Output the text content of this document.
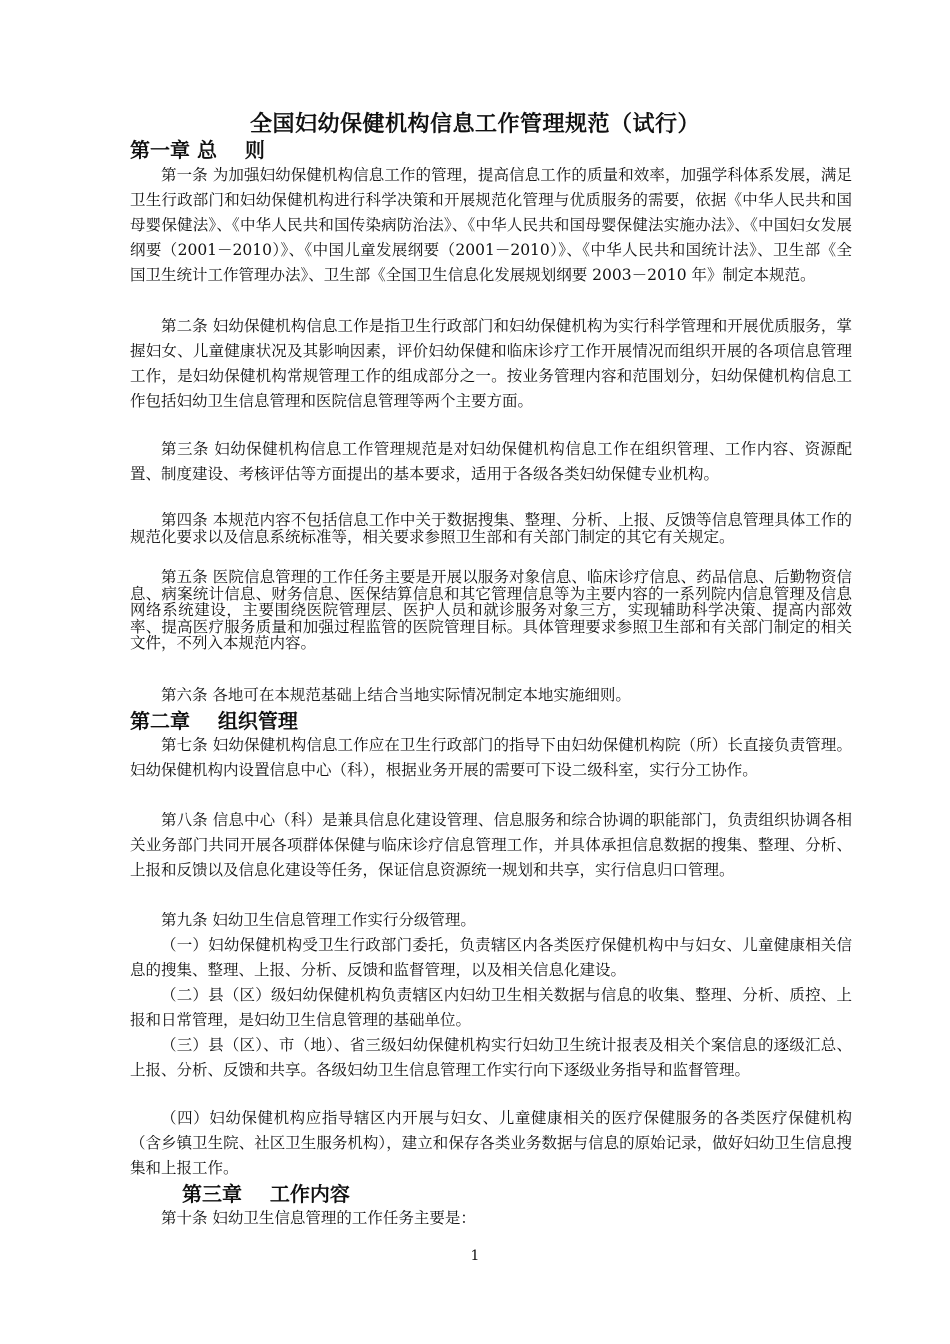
全国妇幼保健机构信息工作管理规范（试行）
第一章 总    则

第一条 为加强妇幼保健机构信息工作的管理，提高信息工作的质量和效率，加强学科体系发展，满足卫生行政部门和妇幼保健机构进行科学决策和开展规范化管理与优质服务的需要，依据《中华人民共和国母婴保健法》、《中华人民共和国传染病防治法》、《中华人民共和国母婴保健法实施办法》、《中国妇女发展纲要（2001－2010）》、《中国儿童发展纲要（2001－2010）》、《中华人民共和国统计法》、卫生部《全国卫生统计工作管理办法》、卫生部《全国卫生信息化发展规划纲要 2003－2010 年》制定本规范。

第二条 妇幼保健机构信息工作是指卫生行政部门和妇幼保健机构为实行科学管理和开展优质服务，掌握妇女、儿童健康状况及其影响因素，评价妇幼保健和临床诊疗工作开展情况而组织开展的各项信息管理工作，是妇幼保健机构常规管理工作的组成部分之一。按业务管理内容和范围划分，妇幼保健机构信息工作包括妇幼卫生信息管理和医院信息管理等两个主要方面。

第三条 妇幼保健机构信息工作管理规范是对妇幼保健机构信息工作在组织管理、工作内容、资源配置、制度建设、考核评估等方面提出的基本要求，适用于各级各类妇幼保健专业机构。

第四条 本规范内容不包括信息工作中关于数据搜集、整理、分析、上报、反馈等信息管理具体工作的规范化要求以及信息系统标准等，相关要求参照卫生部和有关部门制定的其它有关规定。

第五条 医院信息管理的工作任务主要是开展以服务对象信息、临床诊疗信息、药品信息、后勤物资信息、病案统计信息、财务信息、医保结算信息和其它管理信息等为主要内容的一系列院内信息管理及信息网络系统建设，主要围绕医院管理层、医护人员和就诊服务对象三方，实现辅助科学决策、提高内部效率、提高医疗服务质量和加强过程监管的医院管理目标。具体管理要求参照卫生部和有关部门制定的相关文件，不列入本规范内容。

第六条 各地可在本规范基础上结合当地实际情况制定本地实施细则。

第二章    组织管理

第七条 妇幼保健机构信息工作应在卫生行政部门的指导下由妇幼保健机构院（所）长直接负责管理。妇幼保健机构内设置信息中心（科），根据业务开展的需要可下设二级科室，实行分工协作。

第八条 信息中心（科）是兼具信息化建设管理、信息服务和综合协调的职能部门，负责组织协调各相关业务部门共同开展各项群体保健与临床诊疗信息管理工作，并具体承担信息数据的搜集、整理、分析、上报和反馈以及信息化建设等任务，保证信息资源统一规划和共享，实行信息归口管理。

第九条 妇幼卫生信息管理工作实行分级管理。

（一）妇幼保健机构受卫生行政部门委托，负责辖区内各类医疗保健机构中与妇女、儿童健康相关信息的搜集、整理、上报、分析、反馈和监督管理，以及相关信息化建设。

（二）县（区）级妇幼保健机构负责辖区内妇幼卫生相关数据与信息的收集、整理、分析、质控、上报和日常管理，是妇幼卫生信息管理的基础单位。

（三）县（区）、市（地）、省三级妇幼保健机构实行妇幼卫生统计报表及相关个案信息的逐级汇总、上报、分析、反馈和共享。各级妇幼卫生信息管理工作实行向下逐级业务指导和监督管理。

（四）妇幼保健机构应指导辖区内开展与妇女、儿童健康相关的医疗保健服务的各类医疗保健机构（含乡镇卫生院、社区卫生服务机构），建立和保存各类业务数据与信息的原始记录，做好妇幼卫生信息搜集和上报工作。

第三章    工作内容

第十条 妇幼卫生信息管理的工作任务主要是：

1
